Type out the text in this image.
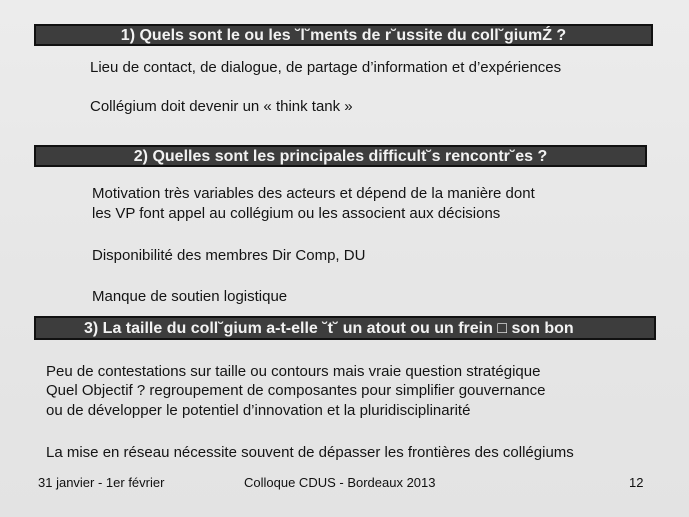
1) Quels sont le ou les ˘l˘ments de r˘ussite du coll˘giumŹ ?
Lieu de contact, de dialogue, de partage d’information et d’expériences
Collégium doit devenir un « think tank »
2) Quelles sont les principales difficult˘s rencontr˘es ?
Motivation très variables des acteurs et dépend de la manière dont
les VP font appel au collégium ou les associent aux décisions
Disponibilité des membres Dir Comp, DU
Manque de soutien logistique
3) La taille du coll˘gium a-t-elle ˘t˘ un atout ou un frein □ son bon
Peu de contestations sur taille ou contours mais vraie question stratégique
Quel Objectif ? regroupement de composantes pour simplifier gouvernance
ou de développer le potentiel d’innovation et la pluridisciplinarité
La mise en réseau nécessite souvent de dépasser les frontières des collégiums
31 janvier - 1er février	Colloque CDUS - Bordeaux 2013	12
